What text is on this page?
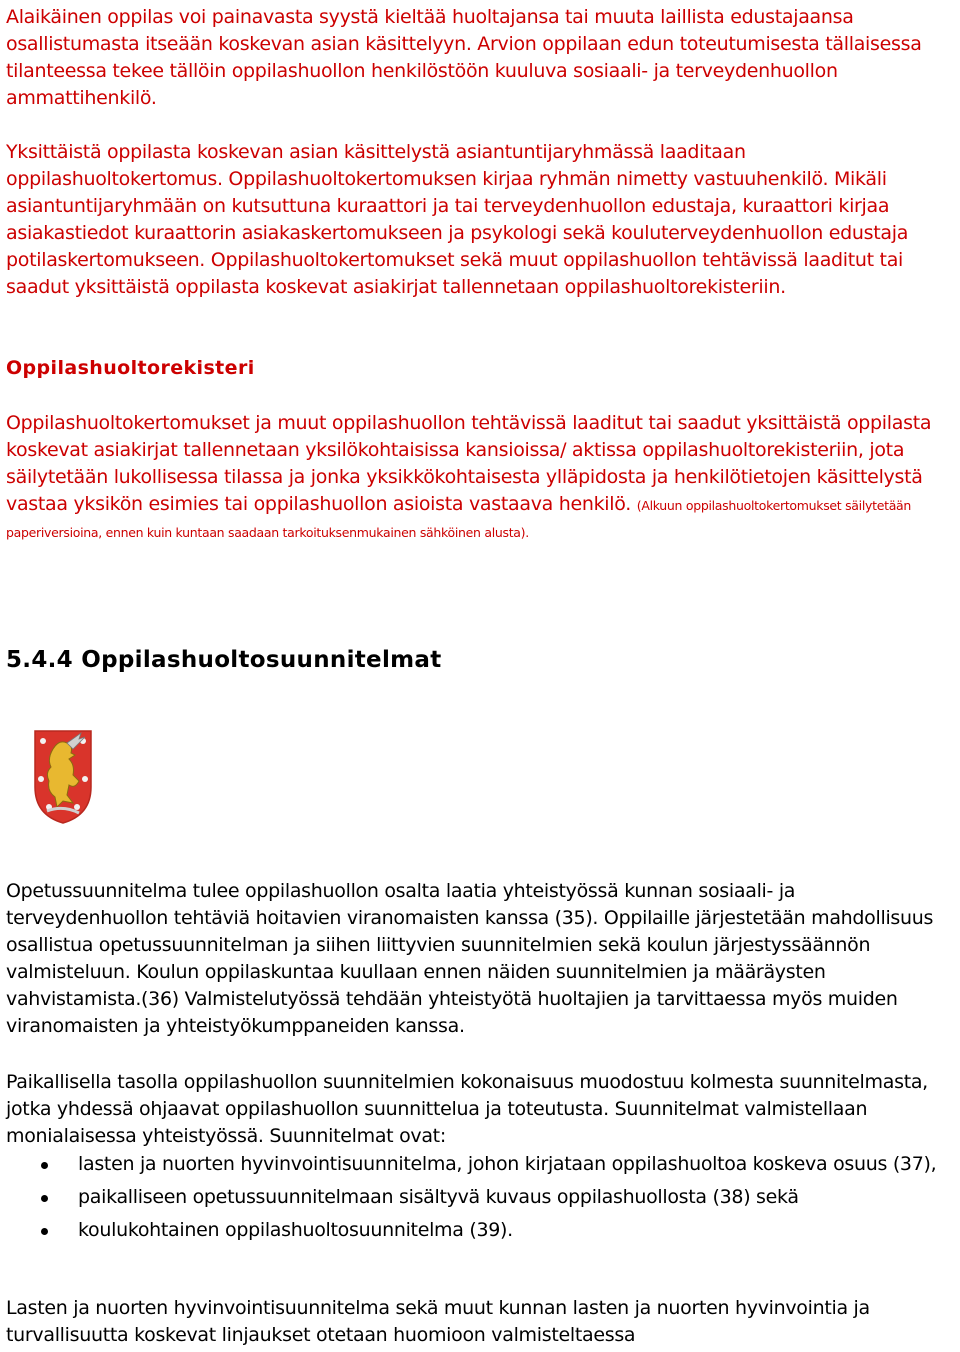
Alaikäinen oppilas voi painavasta syystä kieltää huoltajansa tai muuta laillista edustajaansa osallistumasta itseään koskevan asian käsittelyyn. Arvion oppilaan edun toteutumisesta tällaisessa tilanteessa tekee tällöin oppilashuollon henkilöstöön kuuluva sosiaali- ja terveydenhuollon ammattihenkilö.

Yksittäistä oppilasta koskevan asian käsittelystä asiantuntijaryhmässä laaditaan oppilashuoltokertomus. Oppilashuoltokertomuksen kirjaa ryhmän nimetty vastuuhenkilö. Mikäli asiantuntijaryhmään on kutsuttuna kuraattori ja tai terveydenhuollon edustaja, kuraattori kirjaa asiakastiedot kuraattorin asiakaskertomukseen ja psykologi sekä kouluterveydenhuollon edustaja potilaskertomukseen. Oppilashuoltokertomukset sekä muut oppilashuollon tehtävissä laaditut tai saadut yksittäistä oppilasta koskevat asiakirjat tallennetaan oppilashuoltorekisteriin.

Oppilashuoltorekisteri

Oppilashuoltokertomukset ja muut oppilashuollon tehtävissä laaditut tai saadut yksittäistä oppilasta koskevat asiakirjat tallennetaan yksilökohtaisissa kansioissa/ aktissa oppilashuoltorekisteriin, jota säilytetään lukollisessa tilassa ja jonka yksikkökohtaisesta ylläpidosta ja henkilötietojen käsittelystä vastaa yksikön esimies tai oppilashuollon asioista vastaava henkilö. (Alkuun oppilashuoltokertomukset säilytetään paperiversioina, ennen kuin kuntaan saadaan tarkoituksenmukainen sähköinen alusta).

5.4.4 Oppilashuoltosuunnitelmat

Opetussuunnitelma tulee oppilashuollon osalta laatia yhteistyössä kunnan sosiaali- ja terveydenhuollon tehtäviä hoitavien viranomaisten kanssa (35). Oppilaille järjestetään mahdollisuus osallistua opetussuunnitelman ja siihen liittyvien suunnitelmien sekä koulun järjestyssäännön valmisteluun. Koulun oppilaskuntaa kuullaan ennen näiden suunnitelmien ja määräysten vahvistamista.(36) Valmistelutyössä tehdään yhteistyötä huoltajien ja tarvittaessa myös muiden viranomaisten ja yhteistyökumppaneiden kanssa.

Paikallisella tasolla oppilashuollon suunnitelmien kokonaisuus muodostuu kolmesta suunnitelmasta, jotka yhdessä ohjaavat oppilashuollon suunnittelua ja toteutusta. Suunnitelmat valmistellaan monialaisessa yhteistyössä. Suunnitelmat ovat:

lasten ja nuorten hyvinvointisuunnitelma, johon kirjataan oppilashuoltoa koskeva osuus (37),
paikalliseen opetussuunnitelmaan sisältyvä kuvaus oppilashuollosta (38) sekä
koulukohtainen oppilashuoltosuunnitelma (39).

Lasten ja nuorten hyvinvointisuunnitelma sekä muut kunnan lasten ja nuorten hyvinvointia ja turvallisuutta koskevat linjaukset otetaan huomioon valmisteltaessa
